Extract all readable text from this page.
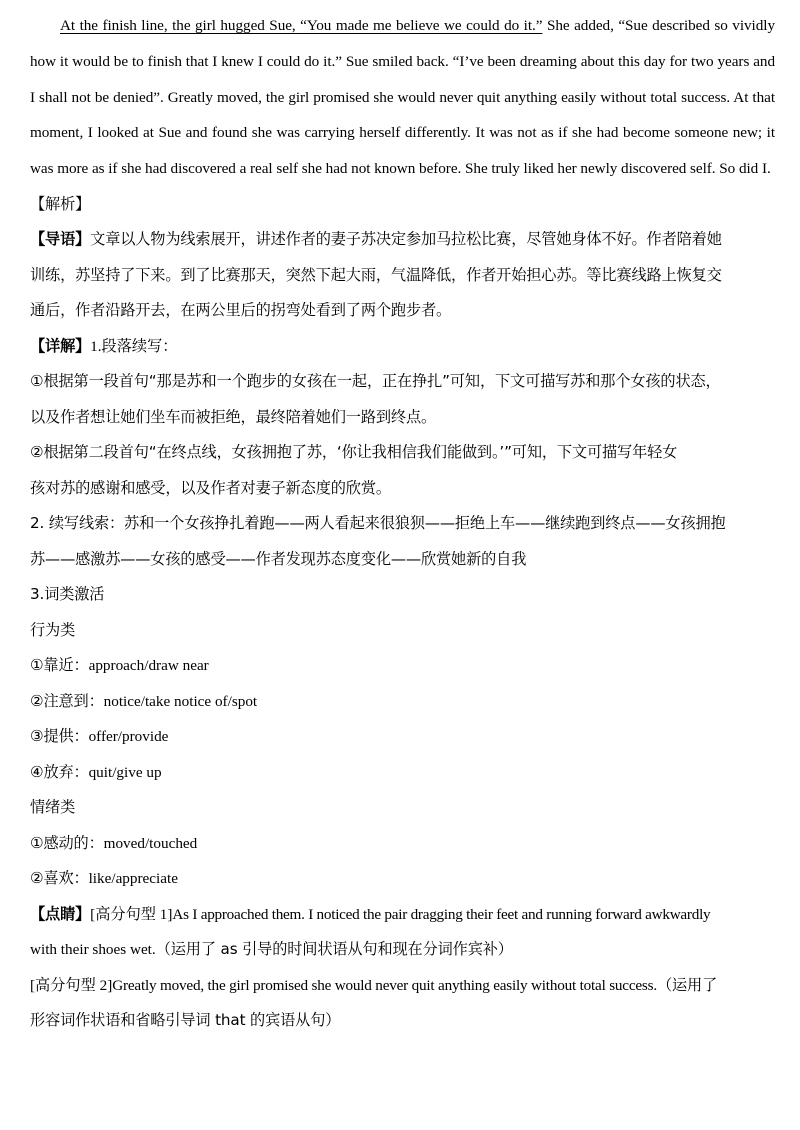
At the finish line, the girl hugged Sue, “You made me believe we could do it.” She added, “Sue described so vividly how it would be to finish that I knew I could do it.” Sue smiled back. “I’ve been dreaming about this day for two years and I shall not be denied”. Greatly moved, the girl promised she would never quit anything easily without total success. At that moment, I looked at Sue and found she was carrying herself differently. It was not as if she had become someone new; it was more as if she had discovered a real self she had not known before. She truly liked her newly discovered self. So did I.

【解析】

【导语】文章以人物为线索展开，讲述作者的妻子苏决定参加马拉松比赛，尽管她身体不好。作者陪着她

训练，苏坚持了下来。到了比赛那天，突然下起大雨，气温降低，作者开始担心苏。等比赛线路上恢复交

通后，作者沿路开去，在两公里后的拐弯处看到了两个跑步者。

【详解】1.段落续写：

①根据第一段首句“那是苏和一个跑步的女孩在一起，正在挣扎”可知，下文可描写苏和那个女孩的状态，

以及作者想让她们坐车而被拒绝，最终陪着她们一路到终点。

②根据第二段首句“在终点线，女孩拥抱了苏，‘你让我相信我们能做到。’”可知，下文可描写年轻女

孩对苏的感谢和感受，以及作者对妻子新态度的欣赏。

2. 续写线索：苏和一个女孩挣扎着跑——两人看起来很狼狈——拒绝上车——继续跑到终点——女孩拥抱

苏——感激苏——女孩的感受——作者发现苏态度变化——欣赏她新的自我

3.词类激活

行为类

①靠近：approach/draw near

②注意到：notice/take notice of/spot

③提供：offer/provide

④放弃：quit/give up

情绪类

①感动的：moved/touched

②喜欢：like/appreciate

【点睛】[高分句型 1]As I approached them. I noticed the pair dragging their feet and running forward awkwardly

with their shoes wet.（运用了 as 引导的时间状语从句和现在分词作宾补）

[高分句型 2]Greatly moved, the girl promised she would never quit anything easily without total success.（运用了

形容词作状语和省略引导词 that 的宾语从句）
